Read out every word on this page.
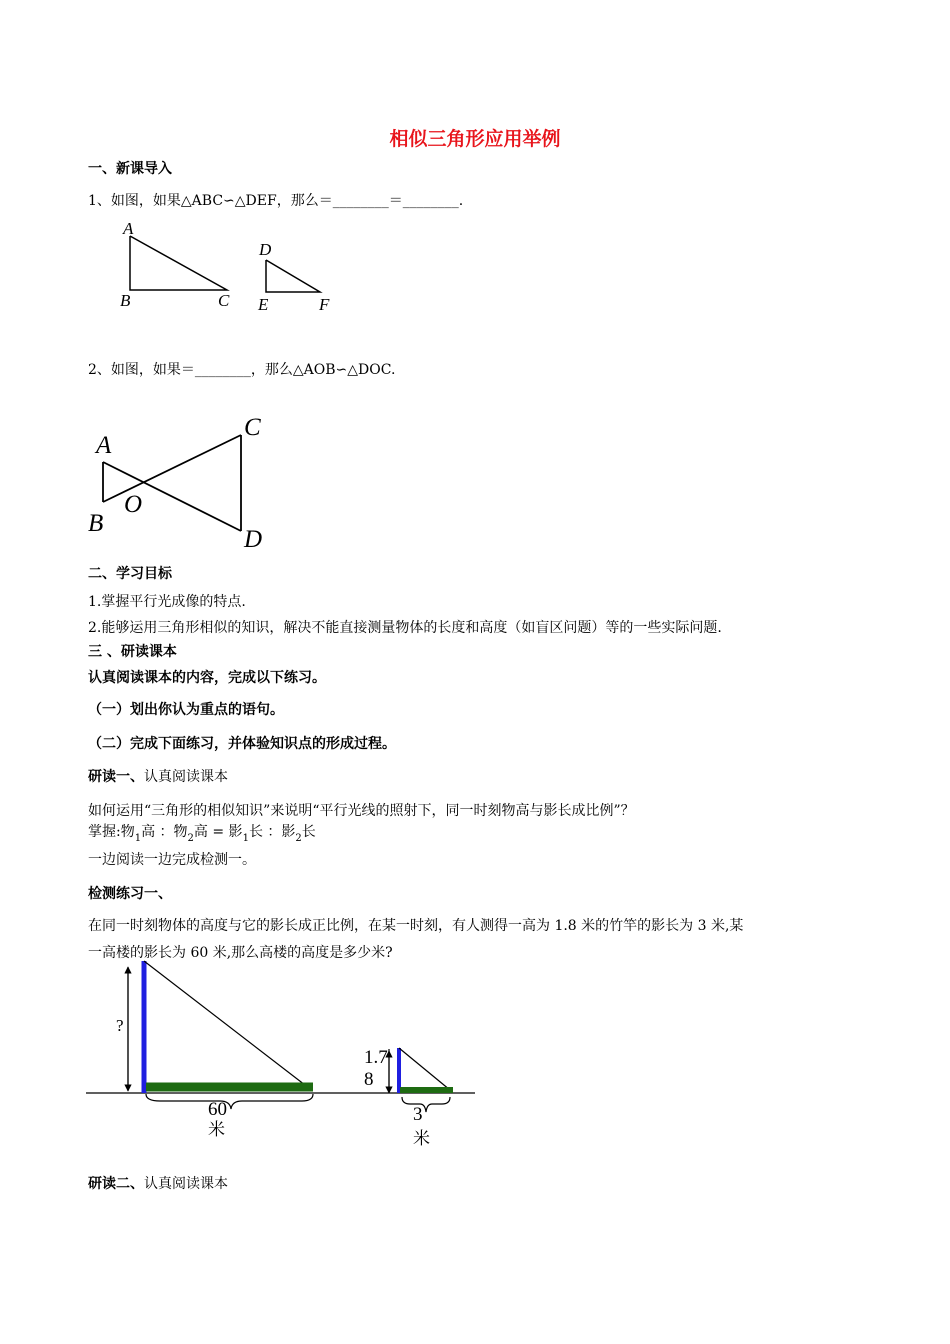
相似三角形应用举例
一、新课导入
1、如图，如果△ABC∽△DEF，那么＝________＝________.
A
B	C
D
E	F
2、如图，如果＝________，那么△AOB∽△DOC.
A
B
O
C
D
二、学习目标
1.掌握平行光成像的特点.
2.能够运用三角形相似的知识，解决不能直接测量物体的长度和高度（如盲区问题）等的一些实际问题.
三 、研读课本
认真阅读课本的内容，完成以下练习。
（一）划出你认为重点的语句。
（二）完成下面练习，并体验知识点的形成过程。
研读一、认真阅读课本
如何运用“三角形的相似知识”来说明“平行光线的照射下，同一时刻物高与影长成比例”？
掌握:物$_1$高 ：物$_2$高 = 影$_1$长 ：影$_2$长
一边阅读一边完成检测一。
检测练习一、
在同一时刻物体的高度与它的影长成正比例，在某一时刻，有人测得一高为 1.8 米的竹竿的影长为 3 米,某
一高楼的影长为 60 米,那么高楼的高度是多少米?
?
60
米
1.7
8
3
米
研读二、认真阅读课本
